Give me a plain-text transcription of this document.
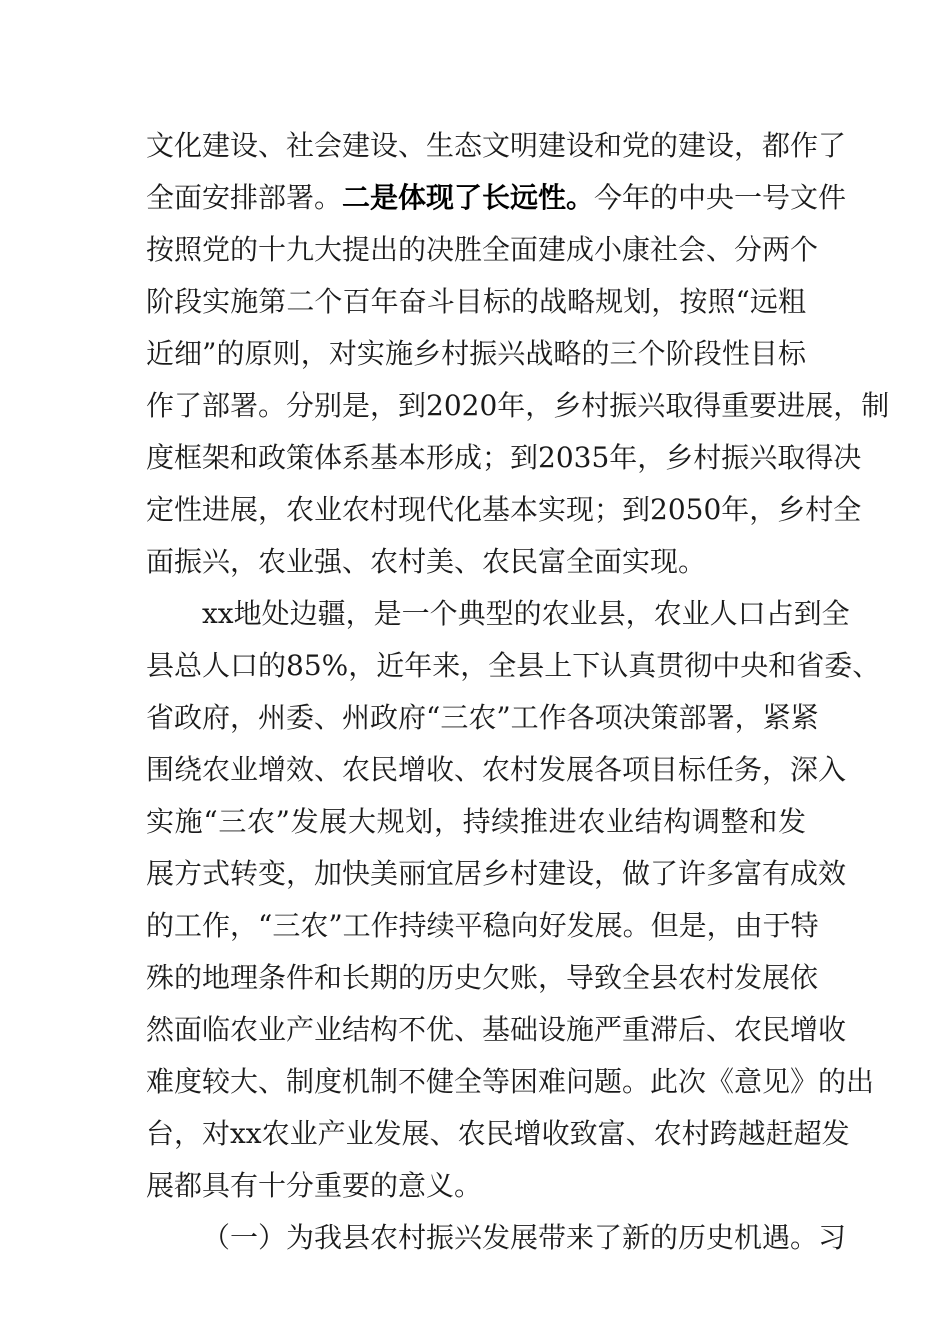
文化建设、社会建设、生态文明建设和党的建设，都作了
全面安排部署。二是体现了长远性。今年的中央一号文件
按照党的十九大提出的决胜全面建成小康社会、分两个
阶段实施第二个百年奋斗目标的战略规划，按照“远粗
近细”的原则，对实施乡村振兴战略的三个阶段性目标
作了部署。分别是，到2020年，乡村振兴取得重要进展，制
度框架和政策体系基本形成；到2035年，乡村振兴取得决
定性进展，农业农村现代化基本实现；到2050年，乡村全
面振兴，农业强、农村美、农民富全面实现。
xx地处边疆，是一个典型的农业县，农业人口占到全
县总人口的85%，近年来，全县上下认真贯彻中央和省委、
省政府，州委、州政府“三农”工作各项决策部署，紧紧
围绕农业增效、农民增收、农村发展各项目标任务，深入
实施“三农”发展大规划，持续推进农业结构调整和发
展方式转变，加快美丽宜居乡村建设，做了许多富有成效
的工作，“三农”工作持续平稳向好发展。但是，由于特
殊的地理条件和长期的历史欠账，导致全县农村发展依
然面临农业产业结构不优、基础设施严重滞后、农民增收
难度较大、制度机制不健全等困难问题。此次《意见》的出
台，对xx农业产业发展、农民增收致富、农村跨越赶超发
展都具有十分重要的意义。
（一）为我县农村振兴发展带来了新的历史机遇。习
